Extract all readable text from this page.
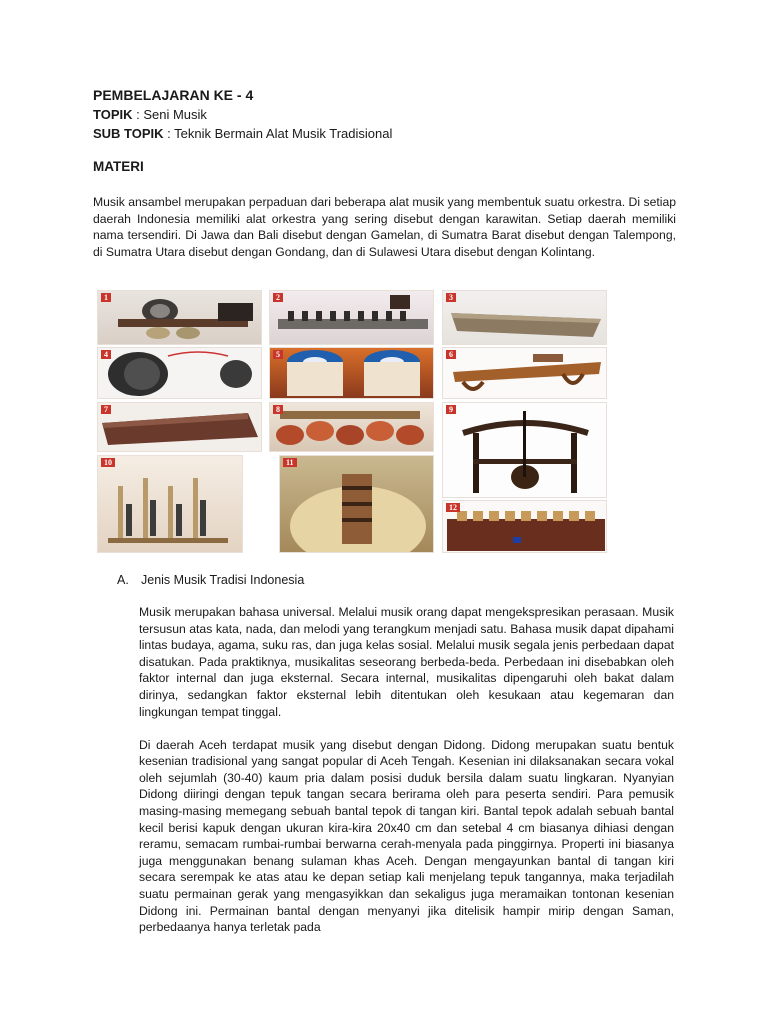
PEMBELAJARAN KE - 4
TOPIK : Seni Musik
SUB TOPIK : Teknik Bermain Alat Musik Tradisional
MATERI

Musik ansambel merupakan perpaduan dari beberapa alat musik yang membentuk suatu orkestra. Di setiap daerah Indonesia memiliki alat orkestra yang sering disebut dengan karawitan. Setiap daerah memiliki nama tersendiri. Di Jawa dan Bali disebut dengan Gamelan, di Sumatra Barat disebut dengan Talempong, di Sumatra Utara disebut dengan Gondang, dan di Sulawesi Utara disebut dengan Kolintang.

1	2	3
4	5	6
7	8	9
10	11
12
A. Jenis Musik Tradisi Indonesia

Musik merupakan bahasa universal. Melalui musik orang dapat mengekspresikan perasaan. Musik tersusun atas kata, nada, dan melodi yang terangkum menjadi satu. Bahasa musik dapat dipahami lintas budaya, agama, suku ras, dan juga kelas sosial. Melalui musik segala jenis perbedaan dapat disatukan. Pada praktiknya, musikalitas seseorang berbeda-beda. Perbedaan ini disebabkan oleh faktor internal dan juga eksternal. Secara internal, musikalitas dipengaruhi oleh bakat dalam dirinya, sedangkan faktor eksternal lebih ditentukan oleh kesukaan atau kegemaran dan lingkungan tempat tinggal.

Di daerah Aceh terdapat musik yang disebut dengan Didong. Didong merupakan suatu bentuk kesenian tradisional yang sangat popular di Aceh Tengah. Kesenian ini dilaksanakan secara vokal oleh sejumlah (30-40) kaum pria dalam posisi duduk bersila dalam suatu lingkaran. Nyanyian Didong diiringi dengan tepuk tangan secara berirama oleh para peserta sendiri. Para pemusik masing-masing memegang sebuah bantal tepok di tangan kiri. Bantal tepok adalah sebuah bantal kecil berisi kapuk dengan ukuran kira-kira 20x40 cm dan setebal 4 cm biasanya dihiasi dengan reramu, semacam rumbai-rumbai berwarna cerah-menyala pada pinggirnya. Properti ini biasanya juga menggunakan benang sulaman khas Aceh. Dengan mengayunkan bantal di tangan kiri secara serempak ke atas atau ke depan setiap kali menjelang tepuk tangannya, maka terjadilah suatu permainan gerak yang mengasyikkan dan sekaligus juga meramaikan tontonan kesenian Didong ini. Permainan bantal dengan menyanyi jika ditelisik hampir mirip dengan Saman, perbedaanya hanya terletak pada
